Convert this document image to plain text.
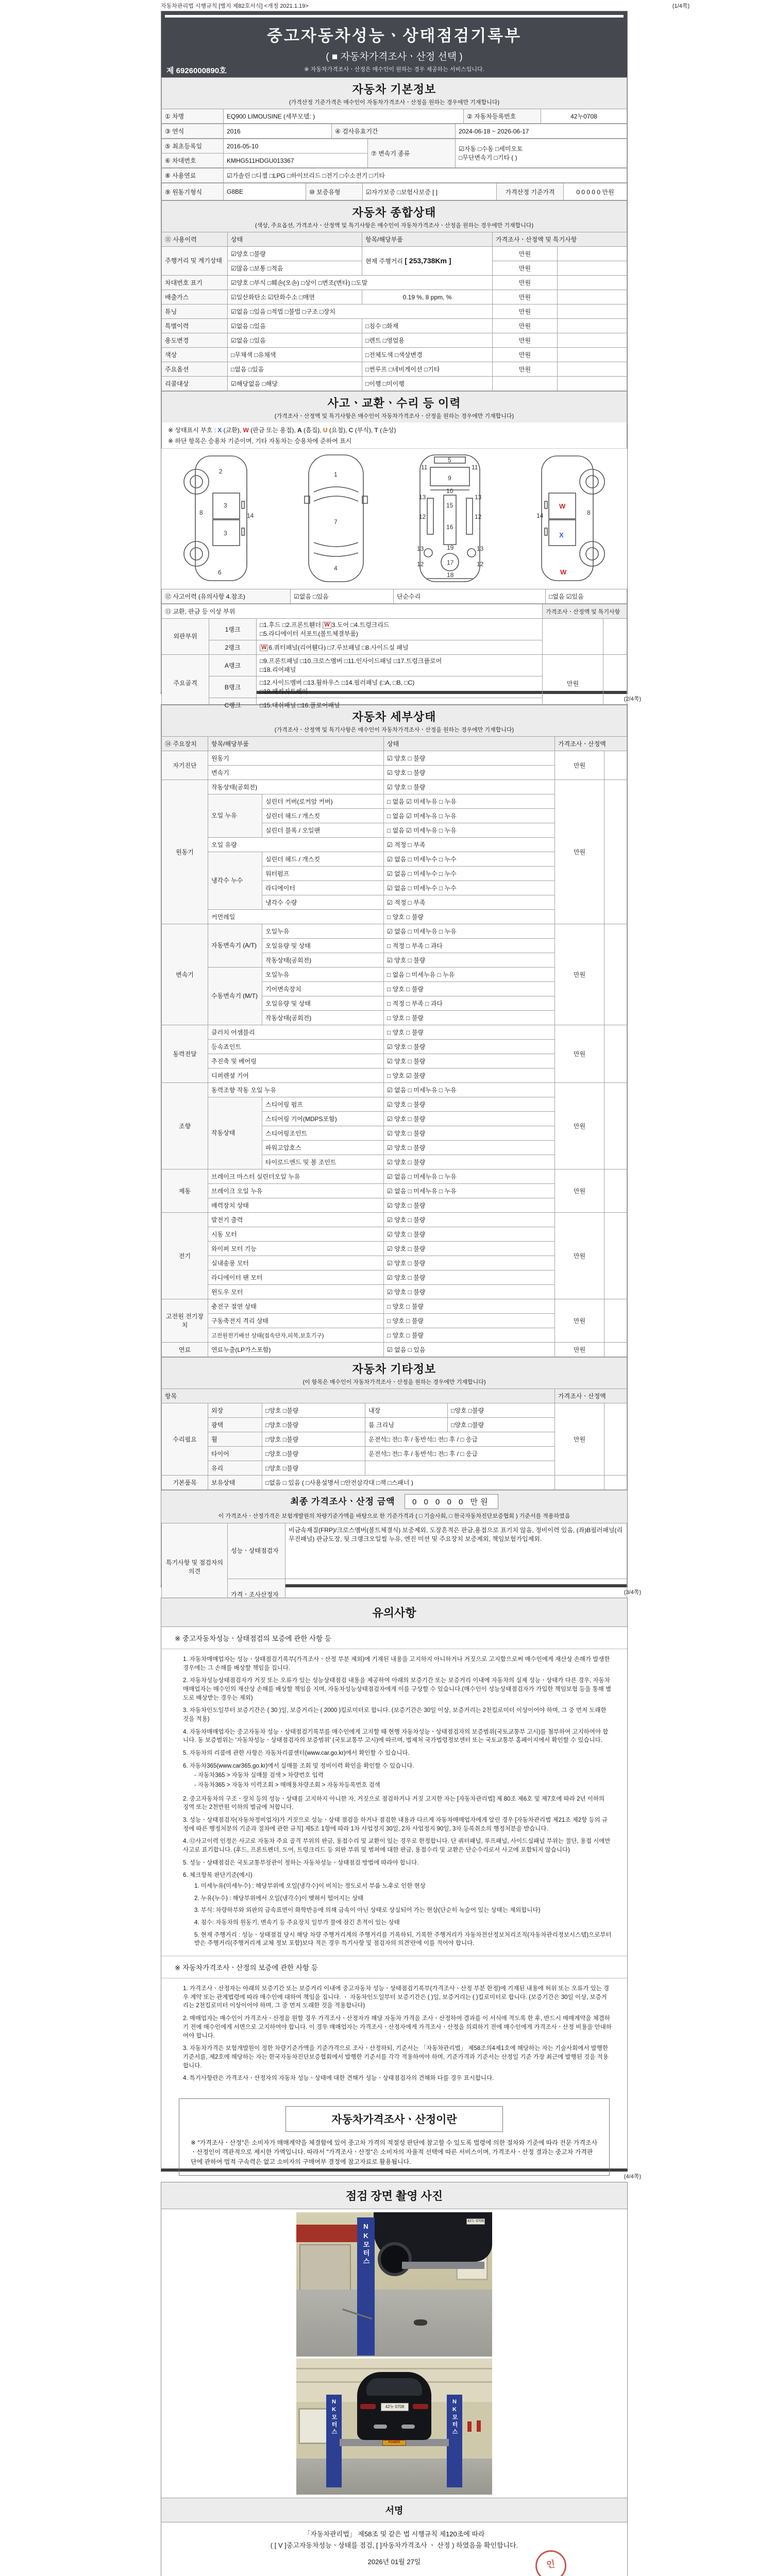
자동차관리법 시행규칙 [별지 제82호서식] <개정 2021.1.19>	(1/4쪽)
중고자동차성능ㆍ상태점검기록부
( ■ 자동차가격조사ㆍ산정 선택 )
※ 자동차가격조사ㆍ산정은 매수인이 원하는 경우 제공하는 서비스입니다.
제 6926000890호
자동차 기본정보
(가격산정 기준가격은 매수인이 자동차가격조사ㆍ산정을 원하는 경우에만 기재합니다)
① 차명	EQ900 LIMOUSINE (세부모델: )	② 자동차등록번호	42누0708
③ 연식	2016	④ 검사유효기간	2024-06-18 ~ 2026-06-17
⑤ 최초등록일	2016-05-10	⑦ 변속기 종류	☑자동 □수동 □세미오토
□무단변속기 □기타 ( )

⑥ 차대번호	KMHG511HDGU013367		
⑧ 사용연료	☑가솔린 □디젤 □LPG □하이브리드 □전기 □수소전기 □기타
⑨ 원동기형식	G8BE	⑩ 보증유형	☑자가보증 □보험사보증 [ ]	가격산정 기준가격	0 0 0 0 0 만원
자동차 종합상태
(색상, 주요옵션, 가격조사ㆍ산정액 및 특기사항은 매수인이 자동차가격조사ㆍ산정을 원하는 경우에만 기재합니다)
⑪ 사용이력	상태	항목/해당부품	가격조사ㆍ산정액 및 특기사항	
주행거리 및 계기상태	☑양호 □불량	현재 주행거리 [ 253,738Km ]	만원	
	☑많음 □보통 □적음		만원	
차대번호 표기	☑양호 □부식 □훼손(오손) □상이 □변조(변타) □도말		만원	
배출가스	☑일산화탄소 ☑탄화수소 □매연	0.19 %, 8 ppm, %	만원	
튜닝	☑없음 □있음 □적법 □불법 □구조 □장치		만원	
특별이력	☑없음 □있음	□침수 □화재	만원	
용도변경	☑없음 □있음	□렌트 □영업용	만원	
색상	□무채색 □유채색	□전체도색 □색상변경	만원	
주요옵션	□없음 □있음	□썬루프 □네비게이션 □기타	만원	
리콜대상	☑해당없음 □해당	□이행 □미이행		
사고ㆍ교환ㆍ수리 등 이력
(가격조사ㆍ산정액 및 특기사항은 매수인이 자동차가격조사ㆍ산정을 원하는 경우에만 기재합니다)
※ 상태표시 부호 : X (교환), W (판금 또는 용접), A (흠집), U (요철), C (부식), T (손상)
※ 하단 항목은 승용차 기준이며, 기타 자동차는 승용차에 준하여 표시
2
8
3
14
3
6
1
7
4
5
9
10
15
16
11	11
13	13
12	12
13	13
12	12
19
17
18
8
14
W
X
W
⑫ 사고이력 (유의사항 4.참조)	☑없음 □있음	단순수리	□없음 ☑있음
⑬ 교환, 판금 등 이상 부위			가격조사ㆍ산정액 및 특기사항	
외판부위	1랭크	□1.후드 □2.프론트휀더 W 3.도어 □4.트렁크리드
□5.라디에이터 서포트(볼트체결부품)		

	2랭크	W 6.쿼터패널(리어휀다) □7.루브패널 □8.사이드실 패널		
주요골격	A랭크	□9.프론트패널 □10.크로스멤버 □11.인사이드패널 □17.트렁크플로어
□18.리어패널	만원	
	B랭크	□12.사이드멤버 □13.휠하우스 □14.필러패널 (□A, □B, □C)
□19.패키지트레이		

	C랭크	□15.대쉬패널 □16.플로어패널		
(2/4쪽)
자동차 세부상태
(가격조사ㆍ산정액 및 특기사항은 매수인이 자동차가격조사ㆍ산정을 원하는 경우에만 기재합니다)
⑭ 주요장치	항목/해당부품		상태	가격조사ㆍ산정액	
자기진단	원동기		☑ 양호 □ 불량	만원	
	변속기		☑ 양호 □ 불량		
원동기	작동상태(공회전)		☑ 양호 □ 불량	만원	
	오일 누유	실린더 커버(로커암 커버)	□ 없음 ☑ 미세누유 □ 누유		
		실린더 헤드 / 개스킷	□ 없음 ☑ 미세누유 □ 누유		
		실린더 블록 / 오일팬	□ 없음 ☑ 미세누유 □ 누유		
	오일 유량		☑ 적정 □ 부족		
	냉각수 누수	실린더 헤드 / 개스킷	☑ 없음 □ 미세누수 □ 누수		
		워터펌프	☑ 없음 □ 미세누수 □ 누수		
		라디에이터	☑ 없음 □ 미세누수 □ 누수		
		냉각수 수량	☑ 적정 □ 부족		
	커먼레일		□ 양호 □ 불량		
변속기	자동변속기 (A/T)	오일누유	☑ 없음 □ 미세누유 □ 누유	만원	
		오일유량 및 상태	□ 적정 □ 부족 □ 과다		
		작동상태(공회전)	☑ 양호 □ 불량		
	수동변속기 (M/T)	오일누유	□ 없음 □ 미세누유 □ 누유		
		기어변속장치	□ 양호 □ 불량		
		오일유량 및 상태	□ 적정 □ 부족 □ 과다		
		작동상태(공회전)	□ 양호 □ 불량		
동력전달	클러치 어셈블리		□ 양호 □ 불량	만원	
	등속죠인트		☑ 양호 □ 불량		
	추진축 및 베어링		☑ 양호 □ 불량		
	디퍼렌셜 기어		□ 양호 ☑ 불량		
조향	동력조향 작동 오일 누유		☑ 없음 □ 미세누유 □ 누유	만원	
	작동상태	스티어링 펌프	☑ 양호 □ 불량		
		스티어링 기어(MDPS포함)	☑ 양호 □ 불량		
		스티어링조인트	☑ 양호 □ 불량		
		파워고압호스	☑ 양호 □ 불량		
		타이로드엔드 및 볼 조인트	☑ 양호 □ 불량		
제동	브레이크 마스터 실린더오일 누유		☑ 없음 □ 미세누유 □ 누유	만원	
	브레이크 오일 누유		☑ 없음 □ 미세누유 □ 누유		
	배력장치 상태		☑ 양호 □ 불량		
전기	발전기 출력		☑ 양호 □ 불량	만원	
	시동 모터		☑ 양호 □ 불량		
	와이퍼 모터 기능		☑ 양호 □ 불량		
	실내송풍 모터		☑ 양호 □ 불량		
	라디에이터 팬 모터		☑ 양호 □ 불량		
	윈도우 모터		☑ 양호 □ 불량		
고전원 전기장치	충전구 절연 상태		□ 양호 □ 불량	만원	
	구동축전지 격리 상태		□ 양호 □ 불량		
	고전원전기배선 상태(접속단자,피복,보호기구)		□ 양호 □ 불량		
연료	연료누출(LP가스포함)		☑ 없음 □ 있음	만원	
자동차 기타정보
(이 항목은 매수인이 자동차가격조사ㆍ산정을 원하는 경우에만 기재합니다)
항목					가격조사ㆍ산정액	
수리필요	외장	□양호 □불량	내장	□양호 □불량	만원	
	광택	□양호 □불량	룸 크리닝	□양호 □불량		
	휠	□양호 □불량	운전석□ 전□ 후 / 동반석□ 전□ 후 / □ 응급			
	타이어	□양호 □불량	운전석□ 전□ 후 / 동반석□ 전□ 후 / □ 응급			
	유리	□양호 □불량				
기본품목	보유상태	□없음 □ 있음 ( □사용설명서 □안전삼각대 □잭 □스패너 )				
최종 가격조사ㆍ산정 금액 0 0 0 0 0 만원
이 가격조사ㆍ산정가격은 보험개발원의 차량기준가액을 바탕으로 한 기준가격과 ( □ 기술사회, □ 한국자동차진단보증협회 ) 기준서를 적용하였음
특기사항 및 점검자의 의견	성능ㆍ상태점검자	비금속재질(FRP)/크로스멤버(볼트체결식) 보증제외, 도장흔적은 판금,용접으로 표기치 않음, 정비이력 있음, (좌)B필러패널(리무진패널) 판금도장, 뒷 크랭크오일씰 누유, 엔진 미션 및 주요장치 보증제외, 책임보험가입제외.
	가격ㆍ조사산정자		(3/4쪽)
유의사항
※ 중고자동차성능ㆍ상태점검의 보증에 관한 사항 등
1. 자동차매매업자는 성능ㆍ상태점검기록부(가격조사ㆍ산정 부분 제외)에 기재된 내용을 고지하지 아니하거나 거짓으로 고지함으로써 매수인에게 재산상 손해가 발생한 경우에는 그 손해를 배상할 책임을 집니다.
2. 자동차성능상태점검자가 거짓 또는 오류가 있는 성능상태점검 내용을 제공하여 아래의 보증기간 또는 보증거리 이내에 자동차의 실제 성능ㆍ상태가 다른 경우, 자동차매매업자는 매수인의 재산상 손해를 배상할 책임을 지며, 자동차성능상태점검자에게 이를 구상할 수 있습니다.(매수인이 성능상태점검자가 가입한 책임보험 등을 통해 별도로 배상받는 경우는 제외)
3. 자동차인도일부터 보증기간은 ( 30 )일, 보증거리는 ( 2000 )킬로미터로 합니다. (보증기간은 30일 이상, 보증거리는 2천킬로미터 이상이어야 하며, 그 중 먼저 도래한 것을 적용)
4. 자동차매매업자는 중고자동차 성능ㆍ상태점검기록부를 매수인에게 고지할 때 현행 자동차성능ㆍ상태점검자의 보증범위(국토교통부 고시)를 첨부하여 고지하여야 합니다. 동 보증범위는 '자동차성능ㆍ상태점검자의 보증범위' (국토교통부 고시)에 따르며, 법제처 국가법령정보센터 또는 국토교통부 홈페이지에서 확인할 수 있습니다.
5. 자동차의 리콜에 관한 사항은 자동차리콜센터(www.car.go.kr)에서 확인할 수 있습니다.
6. 자동차365(www.car365.go.kr)에서 실매물 조회 및 정비이력 확인을 확인할 수 있습니다.
- 자동차365 > 자동차 실매물 검색 > 차량번호 입력
- 자동차365 > 자동차 이력조회 > 매매용차량조회 > 자동차등록번호 검색
2. 중고자동차의 구조ㆍ장치 등의 성능ㆍ상태를 고지하지 아니한 자, 거짓으로 점검하거나 거짓 고지한 자는 [자동차관리법] 제 80조 제6호 및 제7호에 따라 2년 이하의 징역 또는 2천만원 이하의 벌금에 처합니다.
3. 성능ㆍ상태점검자(자동차정비업자)가 거짓으로 성능ㆍ상태 점검을 하거나 점검한 내용과 다르게 자동차매매업자에게 알린 경우 [자동차관리법 제21조 제2항 등의 규정에 따른 행정처분의 기준과 절차에 관한 규칙] 제5조 1항에 따라 1차 사업정지 30일, 2차 사업정지 90일, 3차 등록취소의 행정처분을 받습니다.
4. ⑫사고이력 인정은 사고로 자동차 주요 골격 부위의 판금, 용접수리 및 교환이 있는 경우로 한정합니다. 단 쿼터패널, 루프패널, 사이드실패널 부위는 절단, 용접 시에만 사고로 표기합니다. (후드, 프론트펜더, 도어, 트렁크리드 등 외판 부위 및 범퍼에 대한 판금, 용접수리 및 교환은 단순수리로서 사고에 포함되지 않습니다)
5. 성능ㆍ상태점검은 국토교통부장관이 정하는 자동차성능ㆍ상태점검 방법에 따라야 합니다.
6. 체크항목 판단기준(예시)
1. 미세누유(미세누수) : 해당부위에 오일(냉각수)이 비치는 정도로서 부품 노후로 인한 현상
2. 누유(누수) : 해당부위에서 오일(냉각수)이 맺혀서 떨어지는 상태
3. 부식: 차량하부와 외판의 금속표면이 화학반응에 의해 금속이 아닌 상태로 상실되어 가는 현상(단순히 녹슬어 있는 상태는 제외합니다)
4. 침수: 자동차의 원동기, 변속기 등 주요장치 일부가 물에 잠긴 흔적이 있는 상태
5. 현재 주행거리 : 성능ㆍ상태점검 당시 해당 차량 주행거리계의 주행거리를 기록하되, 기록한 주행거리가 자동차전산정보처리조직(자동차관리정보시스템)으로부터 받은 주행거리(주행거리계 교체 정보 포함)보다 적은 경우 특기사항 및 점검자의 의견'란에 이를 적어야 합니다.
※ 자동차가격조사ㆍ산정의 보증에 관한 사항 등
1. 가격조사ㆍ산정자는 아래의 보증기간 또는 보증거리 이내에 중고자동차 성능ㆍ상태점검기록부(가격조사ㆍ산정 부분 한정)에 기재된 내용에 허위 또는 오류가 있는 경우 계약 또는 관계법령에 따라 매수인에 대하여 책임을 집니다. ㆍ 자동차인도일부터 보증기간은 ( )일, 보증거리는 ( )킬로미터로 합니다. (보증기간은 30일 이상, 보증거리는 2천킬로미터 이상이어야 하며, 그 중 먼저 도래한 것을 적용합니다)
2. 매매업자는 매수인이 가격조사ㆍ산정을 원할 경우 가격조사ㆍ산정자가 해당 자동차 가격을 조사ㆍ산정하여 결과를 이 서식에 적도록 한 후, 반드시 매매계약을 체결하기 전에 매수인에게 서면으로 고지하여야 합니다. 이 경우 매매업자는 가격조사ㆍ산정자에게 가격조사ㆍ산정을 의뢰하기 전에 매수인에게 가격조사ㆍ산정 비용을 안내하여야 합니다.
3. 자동차가격은 보험개발원이 정한 차량기준가액을 기준가격으로 조사ㆍ산정하되, 기준서는 「자동차관리법」 제58조의4제1호에 해당하는 자는 기술사회에서 발행한 기준서를, 제2호에 해당하는 자는 한국자동차진단보증협회에서 발행한 기준서를 각각 적용하여야 하며, 기준가격과 기준서는 산정일 기준 가장 최근에 발행된 것을 적용합니다.
4. 특기사항란은 가격조사ㆍ산정자의 자동차 성능ㆍ상태에 대한 견해가 성능ㆍ상태점검자의 견해와 다를 경우 표시합니다.
자동차가격조사ㆍ산정이란
※ "가격조사ㆍ산정"은 소비자가 매매계약을 체결함에 있어 중고차 가격의 적절성 판단에 참고할 수 있도록 법령에 의한 절차와 기준에 따라 전문 가격조사ㆍ산정인이 객관적으로 제시한 가액입니다. 따라서 "가격조사ㆍ산정"은 소비자의 자율적 선택에 따른 서비스이며, 가격조사ㆍ산정 결과는 중고차 가격판단에 관하여 법적 구속력은 없고 소비자의 구매여부 결정에 참고자료로 활용됩니다.
(4/4쪽)
점검 장면 촬영 사진
NK모터스
42누 0708
NK모터스	NK모터스
POWER
42누 0708
서명
「자동차관리법」 제58조 및 같은 법 시행규칙 제120조에 따라
( [ V ]중고자동차성능ㆍ상태를 점검, [ ]자동차가격조사 ㆍ 산정 ) 하였음을 확인합니다.
2026년 01월 27일	인
